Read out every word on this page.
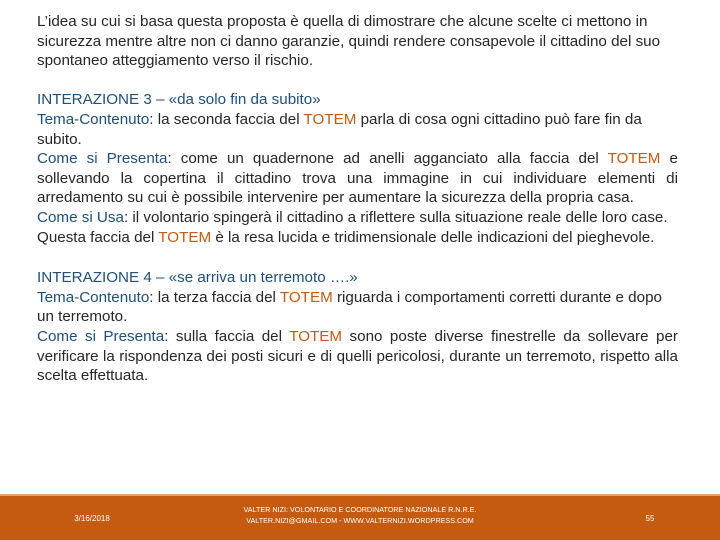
L’idea su cui si basa questa proposta è quella di dimostrare che alcune scelte ci mettono in sicurezza mentre altre non ci danno garanzie, quindi rendere consapevole il cittadino del suo spontaneo atteggiamento verso il rischio.

INTERAZIONE 3 – «da solo fin da subito»

Tema-Contenuto: la seconda faccia del TOTEM parla di cosa ogni cittadino può fare fin da subito.

Come si Presenta: come un quadernone ad anelli agganciato alla faccia del TOTEM e sollevando la copertina il cittadino trova una immagine in cui individuare elementi di arredamento su cui è possibile intervenire per aumentare la sicurezza della propria casa.

Come si Usa: il volontario spingerà il cittadino a riflettere sulla situazione reale delle loro case.

Questa faccia del TOTEM è la resa lucida e tridimensionale delle indicazioni del pieghevole.

INTERAZIONE 4 – «se arriva un terremoto ….»

Tema-Contenuto: la terza faccia del TOTEM riguarda i comportamenti corretti durante e dopo un terremoto.

Come si Presenta: sulla faccia del TOTEM sono poste diverse finestrelle da sollevare per verificare la rispondenza dei posti sicuri e di quelli pericolosi, durante un terremoto, rispetto alla scelta effettuata.

3/16/2018
VALTER NIZI: VOLONTARIO E COORDINATORE NAZIONALE R.N.R.E.
VALTER.NIZI@GMAIL.COM - WWW.VALTERNIZI.WORDPRESS.COM	55
